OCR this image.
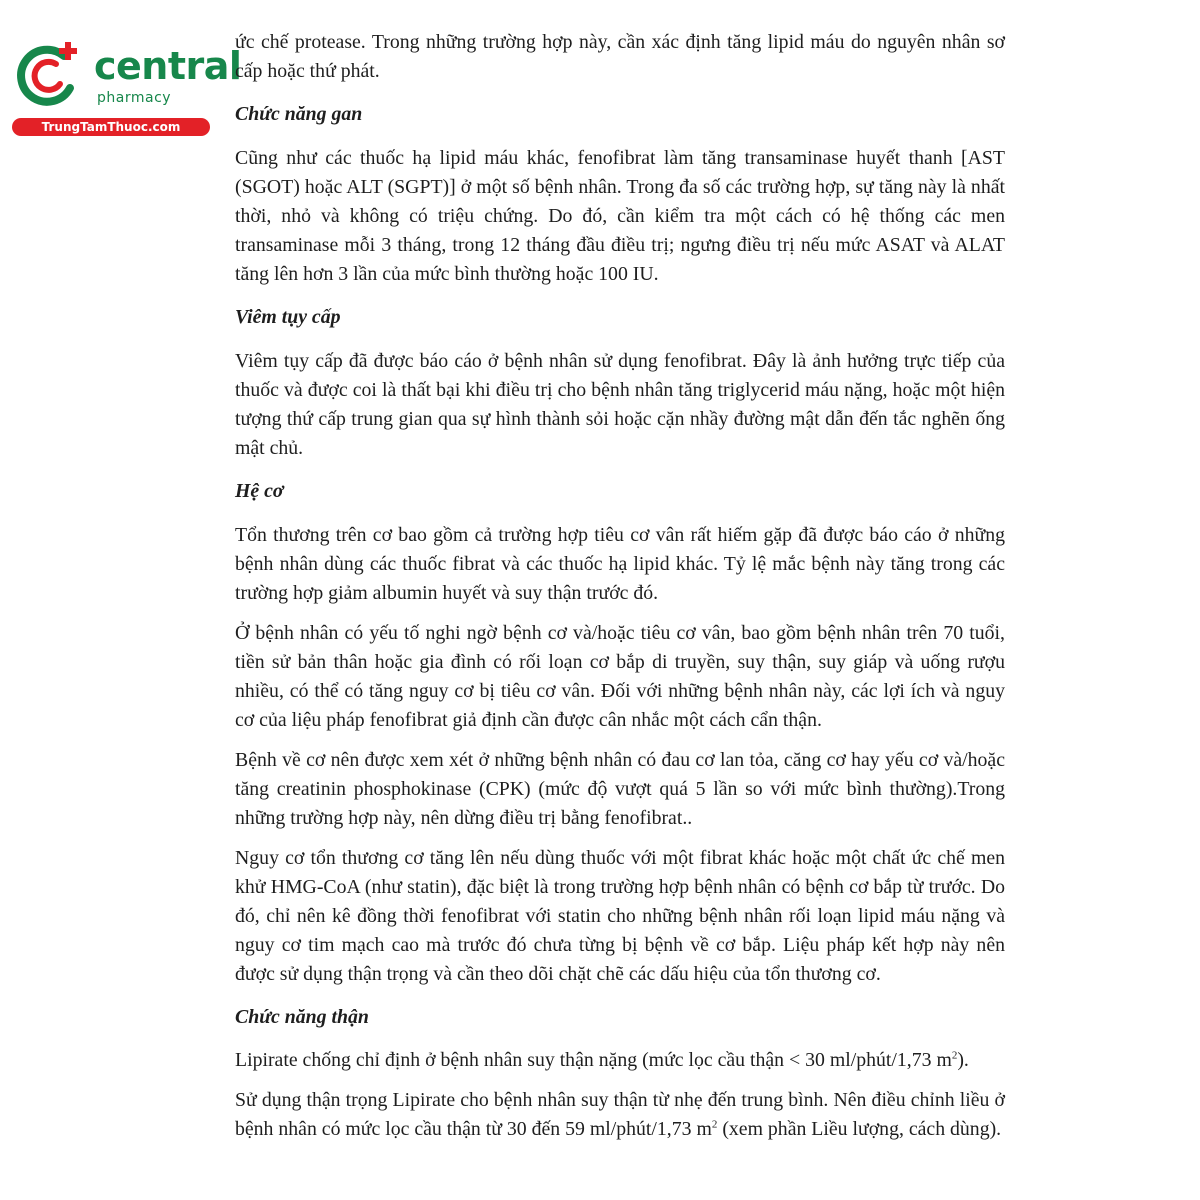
central
pharmacy
TrungTamThuoc.com

ức chế protease. Trong những trường hợp này, cần xác định tăng lipid máu do nguyên nhân sơ cấp hoặc thứ phát.

Chức năng gan

Cũng như các thuốc hạ lipid máu khác, fenofibrat làm tăng transaminase huyết thanh [AST (SGOT) hoặc ALT (SGPT)] ở một số bệnh nhân. Trong đa số các trường hợp, sự tăng này là nhất thời, nhỏ và không có triệu chứng. Do đó, cần kiểm tra một cách có hệ thống các men transaminase mỗi 3 tháng, trong 12 tháng đầu điều trị; ngưng điều trị nếu mức ASAT và ALAT tăng lên hơn 3 lần của mức bình thường hoặc 100 IU.

Viêm tụy cấp

Viêm tụy cấp đã được báo cáo ở bệnh nhân sử dụng fenofibrat. Đây là ảnh hưởng trực tiếp của thuốc và được coi là thất bại khi điều trị cho bệnh nhân tăng triglycerid máu nặng, hoặc một hiện tượng thứ cấp trung gian qua sự hình thành sỏi hoặc cặn nhầy đường mật dẫn đến tắc nghẽn ống mật chủ.

Hệ cơ

Tổn thương trên cơ bao gồm cả trường hợp tiêu cơ vân rất hiếm gặp đã được báo cáo ở những bệnh nhân dùng các thuốc fibrat và các thuốc hạ lipid khác. Tỷ lệ mắc bệnh này tăng trong các trường hợp giảm albumin huyết và suy thận trước đó.

Ở bệnh nhân có yếu tố nghi ngờ bệnh cơ và/hoặc tiêu cơ vân, bao gồm bệnh nhân trên 70 tuổi, tiền sử bản thân hoặc gia đình có rối loạn cơ bắp di truyền, suy thận, suy giáp và uống rượu nhiều, có thể có tăng nguy cơ bị tiêu cơ vân. Đối với những bệnh nhân này, các lợi ích và nguy cơ của liệu pháp fenofibrat giả định cần được cân nhắc một cách cẩn thận.

Bệnh về cơ nên được xem xét ở những bệnh nhân có đau cơ lan tỏa, căng cơ hay yếu cơ và/hoặc tăng creatinin phosphokinase (CPK) (mức độ vượt quá 5 lần so với mức bình thường).Trong những trường hợp này, nên dừng điều trị bằng fenofibrat..

Nguy cơ tổn thương cơ tăng lên nếu dùng thuốc với một fibrat khác hoặc một chất ức chế men khử HMG-CoA (như statin), đặc biệt là trong trường hợp bệnh nhân có bệnh cơ bắp từ trước. Do đó, chỉ nên kê đồng thời fenofibrat với statin cho những bệnh nhân rối loạn lipid máu nặng và nguy cơ tim mạch cao mà trước đó chưa từng bị bệnh về cơ bắp. Liệu pháp kết hợp này nên được sử dụng thận trọng và cần theo dõi chặt chẽ các dấu hiệu của tổn thương cơ.

Chức năng thận

Lipirate chống chỉ định ở bệnh nhân suy thận nặng (mức lọc cầu thận < 30 ml/phút/1,73 $m^2$).

Sử dụng thận trọng Lipirate cho bệnh nhân suy thận từ nhẹ đến trung bình. Nên điều chỉnh liều ở bệnh nhân có mức lọc cầu thận từ 30 đến 59 ml/phút/1,73 $m^2$ (xem phần Liều lượng, cách dùng).
